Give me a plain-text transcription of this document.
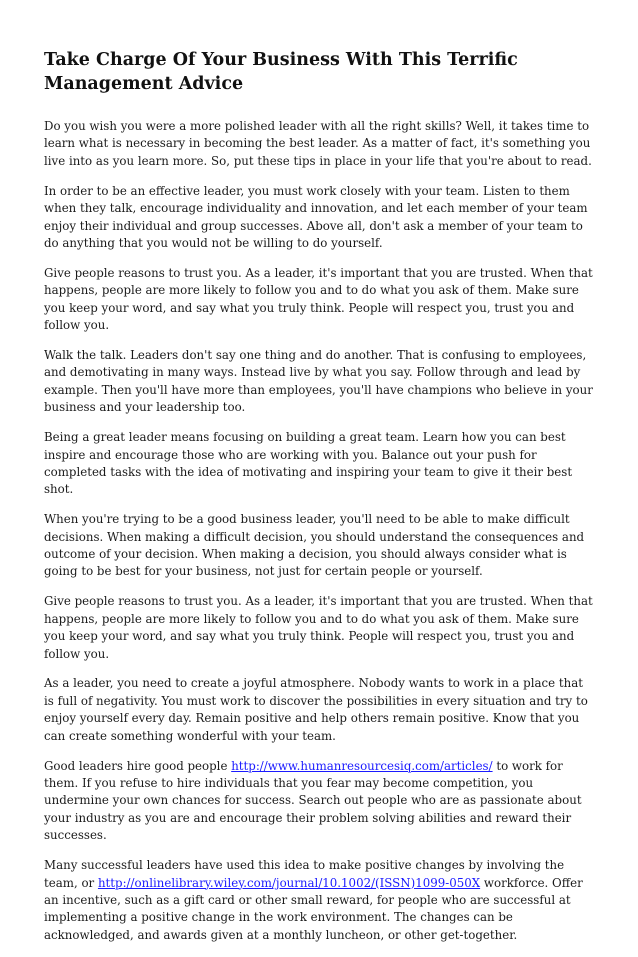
Take Charge Of Your Business With This Terrific Management Advice

Do you wish you were a more polished leader with all the right skills? Well, it takes time to learn what is necessary in becoming the best leader. As a matter of fact, it's something you live into as you learn more. So, put these tips in place in your life that you're about to read.

In order to be an effective leader, you must work closely with your team. Listen to them when they talk, encourage individuality and innovation, and let each member of your team enjoy their individual and group successes. Above all, don't ask a member of your team to do anything that you would not be willing to do yourself.

Give people reasons to trust you. As a leader, it's important that you are trusted. When that happens, people are more likely to follow you and to do what you ask of them. Make sure you keep your word, and say what you truly think. People will respect you, trust you and follow you.

Walk the talk. Leaders don't say one thing and do another. That is confusing to employees, and demotivating in many ways. Instead live by what you say. Follow through and lead by example. Then you'll have more than employees, you'll have champions who believe in your business and your leadership too.

Being a great leader means focusing on building a great team. Learn how you can best inspire and encourage those who are working with you. Balance out your push for completed tasks with the idea of motivating and inspiring your team to give it their best shot.

When you're trying to be a good business leader, you'll need to be able to make difficult decisions. When making a difficult decision, you should understand the consequences and outcome of your decision. When making a decision, you should always consider what is going to be best for your business, not just for certain people or yourself.

Give people reasons to trust you. As a leader, it's important that you are trusted. When that happens, people are more likely to follow you and to do what you ask of them. Make sure you keep your word, and say what you truly think. People will respect you, trust you and follow you.

As a leader, you need to create a joyful atmosphere. Nobody wants to work in a place that is full of negativity. You must work to discover the possibilities in every situation and try to enjoy yourself every day. Remain positive and help others remain positive. Know that you can create something wonderful with your team.

Good leaders hire good people http://www.humanresourcesiq.com/articles/ to work for them. If you refuse to hire individuals that you fear may become competition, you undermine your own chances for success. Search out people who are as passionate about your industry as you are and encourage their problem solving abilities and reward their successes.

Many successful leaders have used this idea to make positive changes by involving the team, or http://onlinelibrary.wiley.com/journal/10.1002/(ISSN)1099-050X workforce. Offer an incentive, such as a gift card or other small reward, for people who are successful at implementing a positive change in the work environment. The changes can be acknowledged, and awards given at a monthly luncheon, or other get-together.
